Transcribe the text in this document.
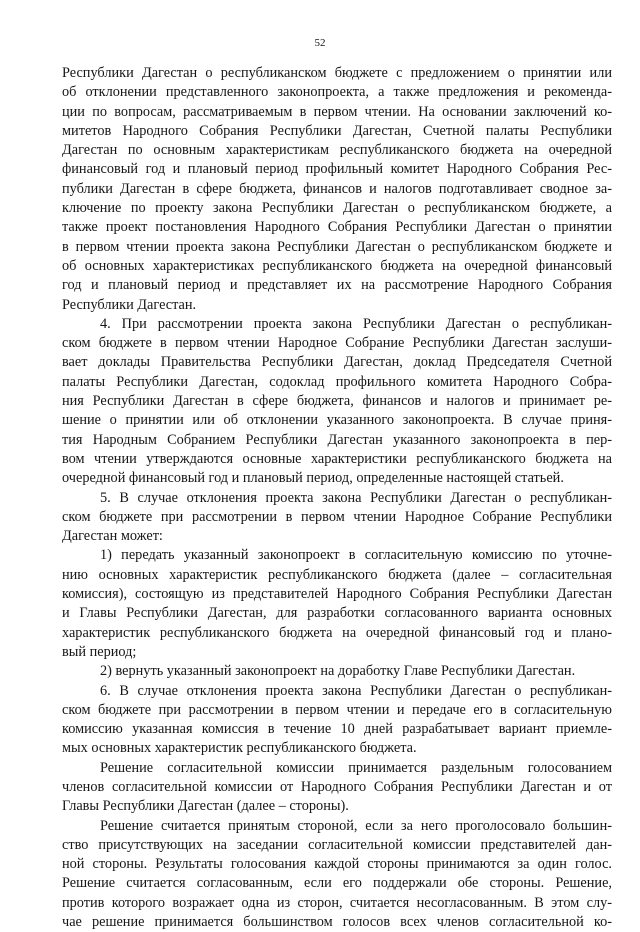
52
Республики Дагестан о республиканском бюджете с предложением о принятии или
об отклонении представленного законопроекта, а также предложения и рекоменда-
ции по вопросам, рассматриваемым в первом чтении. На основании заключений ко-
митетов Народного Собрания Республики Дагестан, Счетной палаты Республики
Дагестан по основным характеристикам республиканского бюджета на очередной
финансовый год и плановый период профильный комитет Народного Собрания Рес-
публики Дагестан в сфере бюджета, финансов и налогов подготавливает сводное за-
ключение по проекту закона Республики Дагестан о республиканском бюджете, а
также проект постановления Народного Собрания Республики Дагестан о принятии
в первом чтении проекта закона Республики Дагестан о республиканском бюджете и
об основных характеристиках республиканского бюджета на очередной финансовый
год и плановый период и представляет их на рассмотрение Народного Собрания
Республики Дагестан.
4. При рассмотрении проекта закона Республики Дагестан о республикан-
ском бюджете в первом чтении Народное Собрание Республики Дагестан заслуши-
вает доклады Правительства Республики Дагестан, доклад Председателя Счетной
палаты Республики Дагестан, содоклад профильного комитета Народного Собра-
ния Республики Дагестан в сфере бюджета, финансов и налогов и принимает ре-
шение о принятии или об отклонении указанного законопроекта. В случае приня-
тия Народным Собранием Республики Дагестан указанного законопроекта в пер-
вом чтении утверждаются основные характеристики республиканского бюджета на
очередной финансовый год и плановый период, определенные настоящей статьей.
5. В случае отклонения проекта закона Республики Дагестан о республикан-
ском бюджете при рассмотрении в первом чтении Народное Собрание Республики
Дагестан может:
1) передать указанный законопроект в согласительную комиссию по уточне-
нию основных характеристик республиканского бюджета (далее – согласительная
комиссия), состоящую из представителей Народного Собрания Республики Дагестан
и Главы Республики Дагестан, для разработки согласованного варианта основных
характеристик республиканского бюджета на очередной финансовый год и плано-
вый период;
2) вернуть указанный законопроект на доработку Главе Республики Дагестан.
6. В случае отклонения проекта закона Республики Дагестан о республикан-
ском бюджете при рассмотрении в первом чтении и передаче его в согласительную
комиссию указанная комиссия в течение 10 дней разрабатывает вариант приемле-
мых основных характеристик республиканского бюджета.
Решение согласительной комиссии принимается раздельным голосованием
членов согласительной комиссии от Народного Собрания Республики Дагестан и от
Главы Республики Дагестан (далее – стороны).
Решение считается принятым стороной, если за него проголосовало большин-
ство присутствующих на заседании согласительной комиссии представителей дан-
ной стороны. Результаты голосования каждой стороны принимаются за один голос.
Решение считается согласованным, если его поддержали обе стороны. Решение,
против которого возражает одна из сторон, считается несогласованным. В этом слу-
чае решение принимается большинством голосов всех членов согласительной ко-
